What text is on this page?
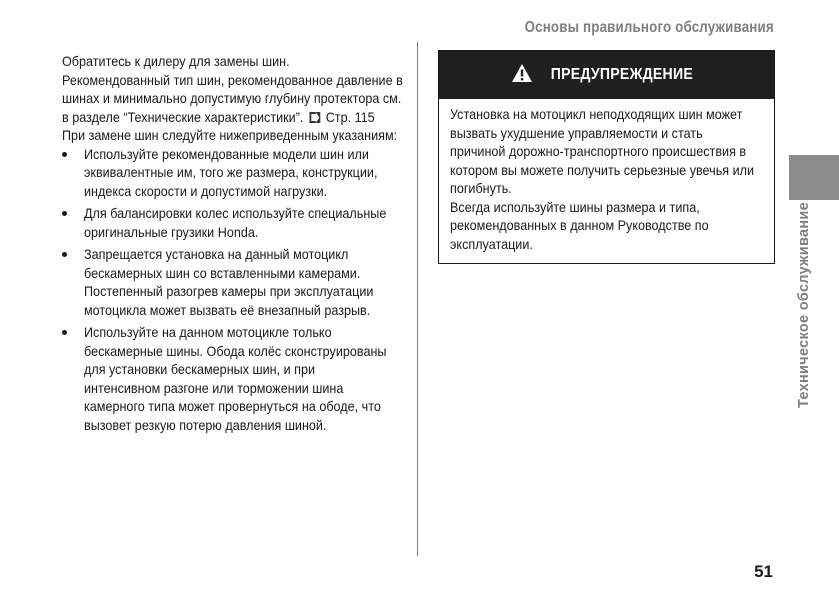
Основы правильного обслуживания

Обратитесь к дилеру для замены шин.

Рекомендованный тип шин, рекомендованное давление в шинах и минимально допустимую глубину протектора см. в разделе “Технические характеристики”. Стр. 115

При замене шин следуйте нижеприведенным указаниям:

Используйте рекомендованные модели шин или эквивалентные им, того же размера, конструкции, индекса скорости и допустимой нагрузки.
Для балансировки колес используйте специальные оригинальные грузики Honda.
Запрещается установка на данный мотоцикл бескамерных шин со вставленными камерами. Постепенный разогрев камеры при эксплуатации мотоцикла может вызвать её внезапный разрыв.
Используйте на данном мотоцикле только бескамерные шины. Обода колёс сконструированы для установки бескамерных шин, и при интенсивном разгоне или торможении шина камерного типа может провернуться на ободе, что вызовет резкую потерю давления шиной.
ПРЕДУПРЕЖДЕНИЕ

Установка на мотоцикл неподходящих шин может вызвать ухудшение управляемости и стать причиной дорожно-транспортного происшествия в котором вы можете получить серьезные увечья или погибнуть.

Всегда используйте шины размера и типа, рекомендованных в данном Руководстве по эксплуатации.	Техническое обслуживание
51
